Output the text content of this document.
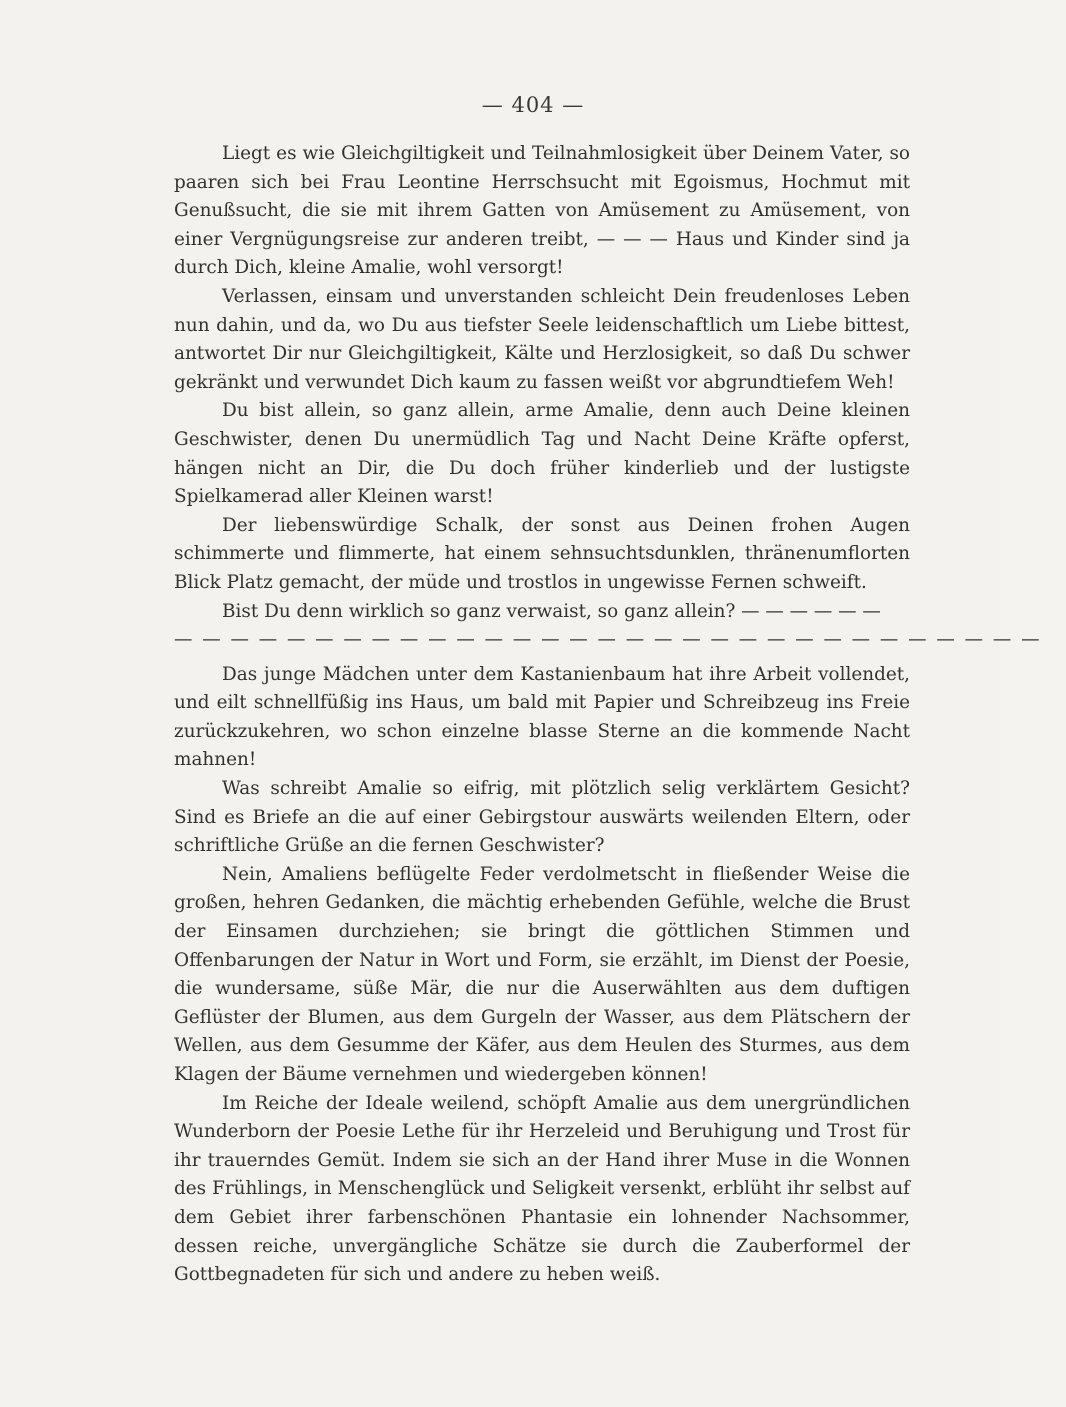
— 404 —

Liegt es wie Gleichgiltigkeit und Teilnahmlosigkeit über Deinem Vater, so paaren sich bei Frau Leontine Herrschsucht mit Egoismus, Hochmut mit Genußsucht, die sie mit ihrem Gatten von Amüsement zu Amüsement, von einer Vergnügungsreise zur anderen treibt, — — — Haus und Kinder sind ja durch Dich, kleine Amalie, wohl versorgt!

Verlassen, einsam und unverstanden schleicht Dein freudenloses Leben nun dahin, und da, wo Du aus tiefster Seele leidenschaftlich um Liebe bittest, antwortet Dir nur Gleichgiltigkeit, Kälte und Herzlosigkeit, so daß Du schwer gekränkt und verwundet Dich kaum zu fassen weißt vor abgrundtiefem Weh!

Du bist allein, so ganz allein, arme Amalie, denn auch Deine kleinen Geschwister, denen Du unermüdlich Tag und Nacht Deine Kräfte opferst, hängen nicht an Dir, die Du doch früher kinderlieb und der lustigste Spielkamerad aller Kleinen warst!

Der liebenswürdige Schalk, der sonst aus Deinen frohen Augen schimmerte und flimmerte, hat einem sehnsuchtsdunklen, thränenumflorten Blick Platz gemacht, der müde und trostlos in ungewisse Fernen schweift.

Bist Du denn wirklich so ganz verwaist, so ganz allein? — — — — — —

— — — — — — — — — — — — — — — — — — — — — — — — — — — — — — —

Das junge Mädchen unter dem Kastanienbaum hat ihre Arbeit vollendet, und eilt schnellfüßig ins Haus, um bald mit Papier und Schreibzeug ins Freie zurückzukehren, wo schon einzelne blasse Sterne an die kommende Nacht mahnen!

Was schreibt Amalie so eifrig, mit plötzlich selig verklärtem Gesicht? Sind es Briefe an die auf einer Gebirgstour auswärts weilenden Eltern, oder schriftliche Grüße an die fernen Geschwister?

Nein, Amaliens beflügelte Feder verdolmetscht in fließender Weise die großen, hehren Gedanken, die mächtig erhebenden Gefühle, welche die Brust der Einsamen durchziehen; sie bringt die göttlichen Stimmen und Offenbarungen der Natur in Wort und Form, sie erzählt, im Dienst der Poesie, die wundersame, süße Mär, die nur die Auserwählten aus dem duftigen Geflüster der Blumen, aus dem Gurgeln der Wasser, aus dem Plätschern der Wellen, aus dem Gesumme der Käfer, aus dem Heulen des Sturmes, aus dem Klagen der Bäume vernehmen und wiedergeben können!

Im Reiche der Ideale weilend, schöpft Amalie aus dem unergründlichen Wunderborn der Poesie Lethe für ihr Herzeleid und Beruhigung und Trost für ihr trauerndes Gemüt. Indem sie sich an der Hand ihrer Muse in die Wonnen des Frühlings, in Menschenglück und Seligkeit versenkt, erblüht ihr selbst auf dem Gebiet ihrer farbenschönen Phantasie ein lohnender Nachsommer, dessen reiche, unvergängliche Schätze sie durch die Zauberformel der Gottbegnadeten für sich und andere zu heben weiß.
